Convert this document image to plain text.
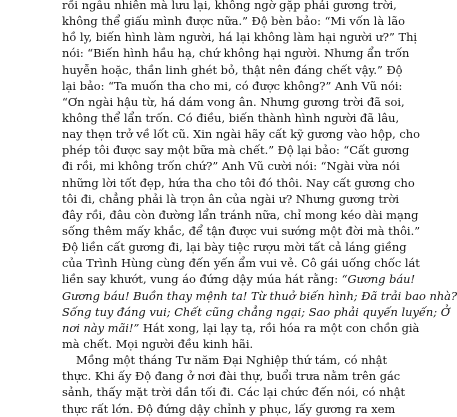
rồi ngẫu nhiên mà lưu lại, không ngờ gặp phải gương trời,
không thể giấu mình được nữa.” Độ bèn bảo: “Mi vốn là lão
hồ ly, biến hình làm người, há lại không làm hại người ư?” Thị
nói: “Biến hình hầu hạ, chứ không hại người. Nhưng ẩn trốn
huyễn hoặc, thần linh ghét bỏ, thật nên đáng chết vậy.” Độ
lại bảo: “Ta muốn tha cho mi, có được không?” Anh Vũ nói:
“Ơn ngài hậu từ, há dám vong ân. Nhưng gương trời đã soi,
không thể lẩn trốn. Có điều, biến thành hình người đã lâu,
nay thẹn trở về lốt cũ. Xin ngài hãy cất kỹ gương vào hộp, cho
phép tôi được say một bữa mà chết.” Độ lại bảo: “Cất gương
đi rồi, mi không trốn chứ?” Anh Vũ cười nói: “Ngài vừa nói
những lời tốt đẹp, hứa tha cho tôi đó thôi. Nay cất gương cho
tôi đi, chẳng phải là trọn ân của ngài ư? Nhưng gương trời
đây rồi, đâu còn đường lẩn tránh nữa, chỉ mong kéo dài mạng
sống thêm mấy khắc, để tận được vui sướng một đời mà thôi.”
Độ liền cất gương đi, lại bày tiệc rượu mời tất cả láng giềng
của Trình Hùng cùng đến yến ẩm vui vẻ. Cô gái uống chốc lát
liền say khướt, vung áo đứng dậy múa hát rằng: “Gương báu!
Gương báu! Buồn thay mệnh ta! Từ thuở biến hình; Đã trải bao nhà?
Sống tuy đáng vui; Chết cũng chẳng ngại; Sao phải quyến luyến; Ở
nơi này mãi!” Hát xong, lại lạy tạ, rồi hóa ra một con chồn già
mà chết. Mọi người đều kinh hãi.
Mồng một tháng Tư năm Đại Nghiệp thứ tám, có nhật
thực. Khi ấy Độ đang ở nơi đài thự, buổi trưa nằm trên gác
sảnh, thấy mặt trời dần tối đi. Các lại chức đến nói, có nhật
thực rất lớn. Độ đứng dậy chỉnh y phục, lấy gương ra xem
